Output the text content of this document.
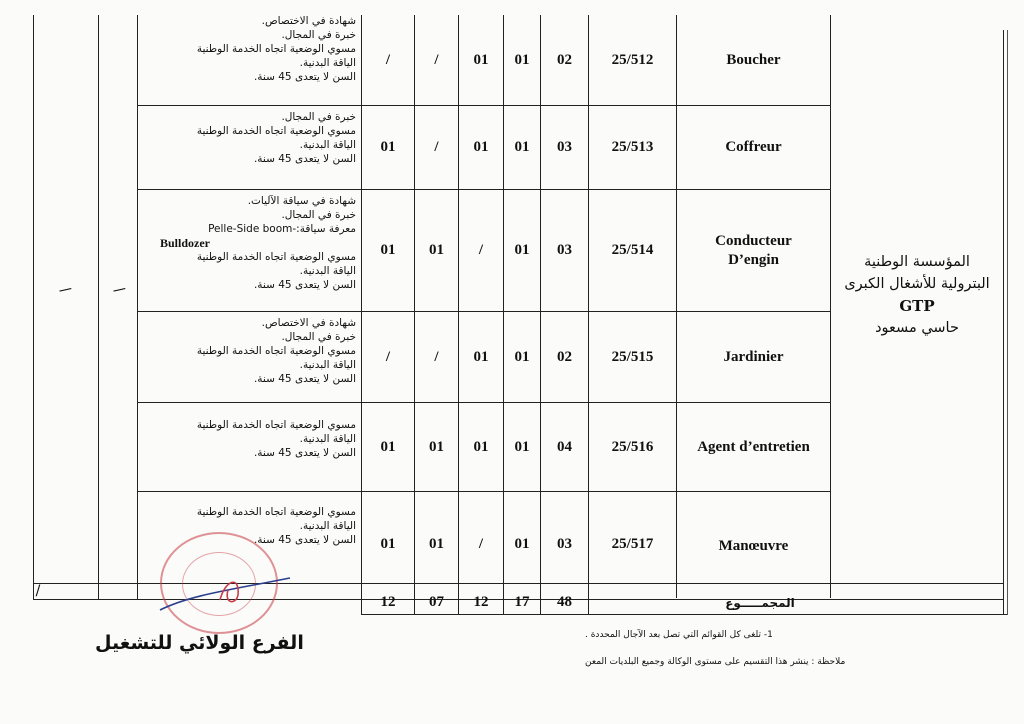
المؤسسة الوطنية
البترولية للأشغال الكبرى
GTP
حاسي مسعود
/	/
/
Boucher
25/512
02
01
01
/
/
شهادة في الاختصاص.
خبرة في المجال.
مسوي الوضعية اتجاه الخدمة الوطنية
الياقة البدنية.
السن لا يتعدى 45 سنة.
Coffreur
25/513
03
01
01
/
01
خبرة في المجال.
مسوي الوضعية اتجاه الخدمة الوطنية
الياقة البدنية.
السن لا يتعدى 45 سنة.
Conducteur
D’engin
25/514
03
01
/
01
01
شهادة في سياقة الآليات.
خبرة في المجال.
معرفة سياقة:-Pelle-Side boom
Bulldozer
مسوي الوضعية اتجاه الخدمة الوطنية
الياقة البدنية.
السن لا يتعدى 45 سنة.
Jardinier
25/515
02
01
01
/
/
شهادة في الاختصاص.
خبرة في المجال.
مسوي الوضعية اتجاه الخدمة الوطنية
الياقة البدنية.
السن لا يتعدى 45 سنة.
Agent d’entretien
25/516
04
01
01
01
01
مسوي الوضعية اتجاه الخدمة الوطنية
الياقة البدنية.
السن لا يتعدى 45 سنة.
Manœuvre
25/517
03
01
/
01
01
مسوي الوضعية اتجاه الخدمة الوطنية
الياقة البدنية.
السن لا يتعدى 45 سنة.
المجمـــــوع
48
17
12
07
12
الفرع الولائي للتشغيل	1- تلغى كل القوائم التي تصل بعد الآجال المحددة .
ملاحظة : ينشر هذا التقسيم على مستوى الوكالة وجميع البلديات المعن
